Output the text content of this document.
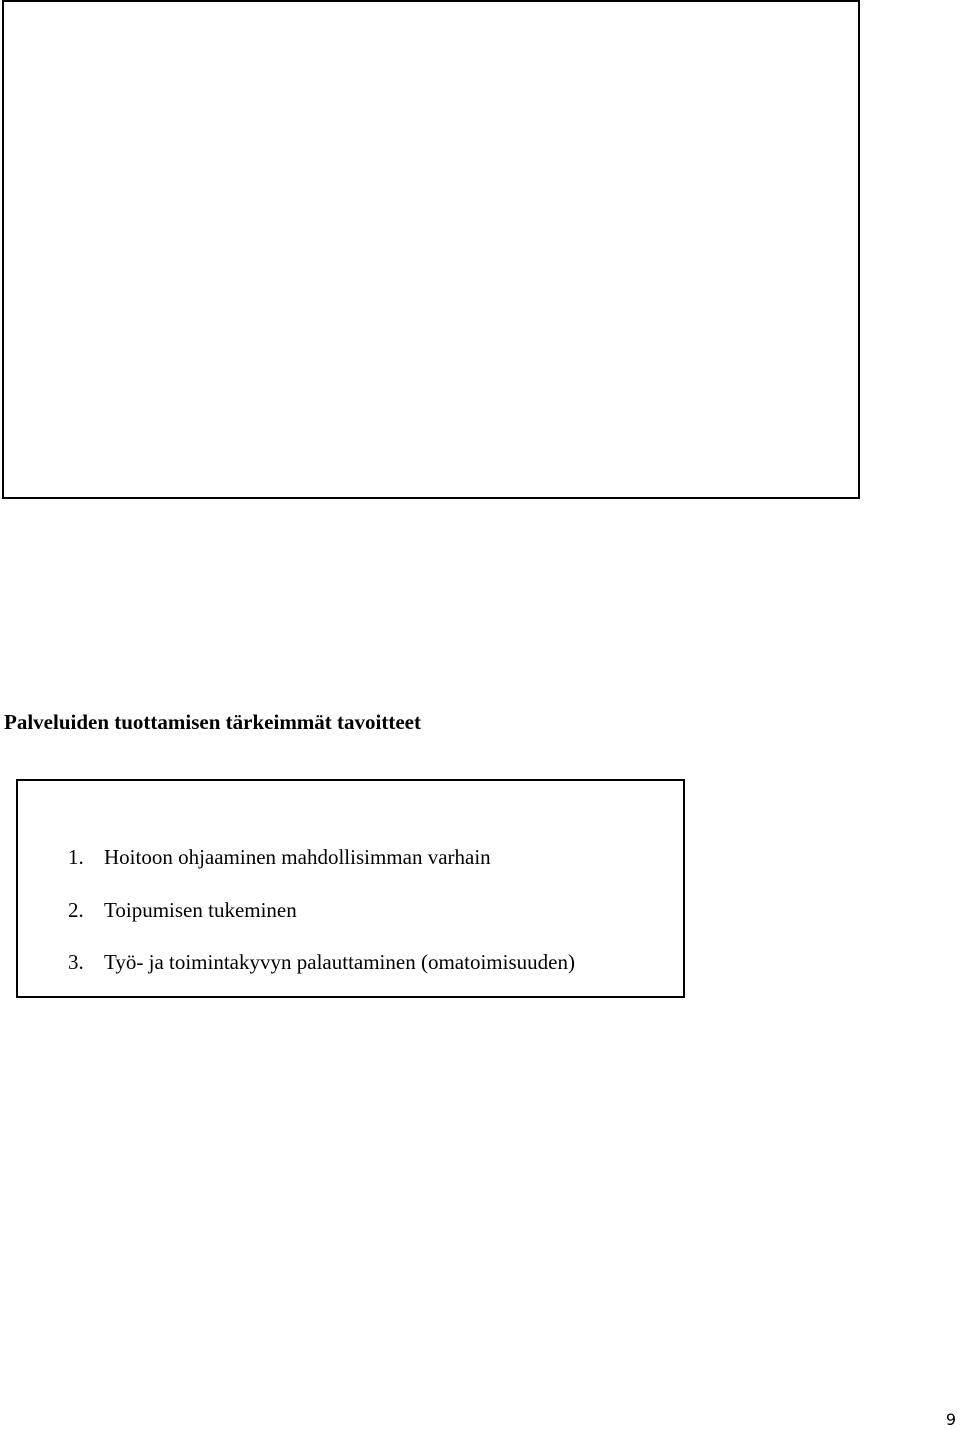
Palveluiden tuottamisen tärkeimmät tavoitteet
1. Hoitoon ohjaaminen mahdollisimman varhain
2. Toipumisen tukeminen
3. Työ- ja toimintakyvyn palauttaminen (omatoimisuuden)
9
